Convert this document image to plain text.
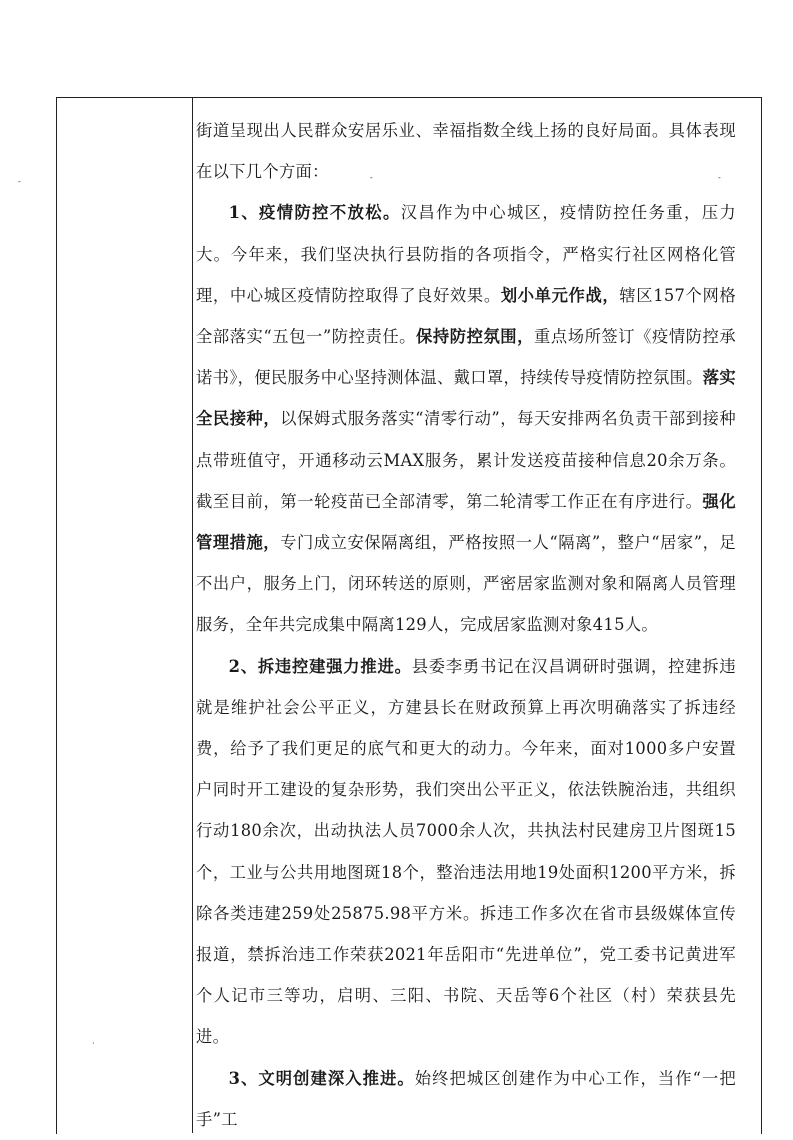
-	-	-
·

街道呈现出人民群众安居乐业、幸福指数全线上扬的良好局面。具体表现在以下几个方面：

1、疫情防控不放松。汉昌作为中心城区，疫情防控任务重，压力大。今年来，我们坚决执行县防指的各项指令，严格实行社区网格化管理，中心城区疫情防控取得了良好效果。划小单元作战，辖区157个网格全部落实“五包一”防控责任。保持防控氛围，重点场所签订《疫情防控承诺书》，便民服务中心坚持测体温、戴口罩，持续传导疫情防控氛围。落实全民接种，以保姆式服务落实“清零行动”，每天安排两名负责干部到接种点带班值守，开通移动云MAX服务，累计发送疫苗接种信息20余万条。截至目前，第一轮疫苗已全部清零，第二轮清零工作正在有序进行。强化管理措施，专门成立安保隔离组，严格按照一人“隔离”，整户“居家”，足不出户，服务上门，闭环转送的原则，严密居家监测对象和隔离人员管理服务，全年共完成集中隔离129人，完成居家监测对象415人。

2、拆违控建强力推进。县委李勇书记在汉昌调研时强调，控建拆违就是维护社会公平正义，方建县长在财政预算上再次明确落实了拆违经费，给予了我们更足的底气和更大的动力。今年来，面对1000多户安置户同时开工建设的复杂形势，我们突出公平正义，依法铁腕治违，共组织行动180余次，出动执法人员7000余人次，共执法村民建房卫片图斑15个，工业与公共用地图斑18个，整治违法用地19处面积1200平方米，拆除各类违建259处25875.98平方米。拆违工作多次在省市县级媒体宣传报道，禁拆治违工作荣获2021年岳阳市“先进单位”，党工委书记黄进军个人记市三等功，启明、三阳、书院、天岳等6个社区（村）荣获县先进。

3、文明创建深入推进。始终把城区创建作为中心工作，当作“一把手”工
